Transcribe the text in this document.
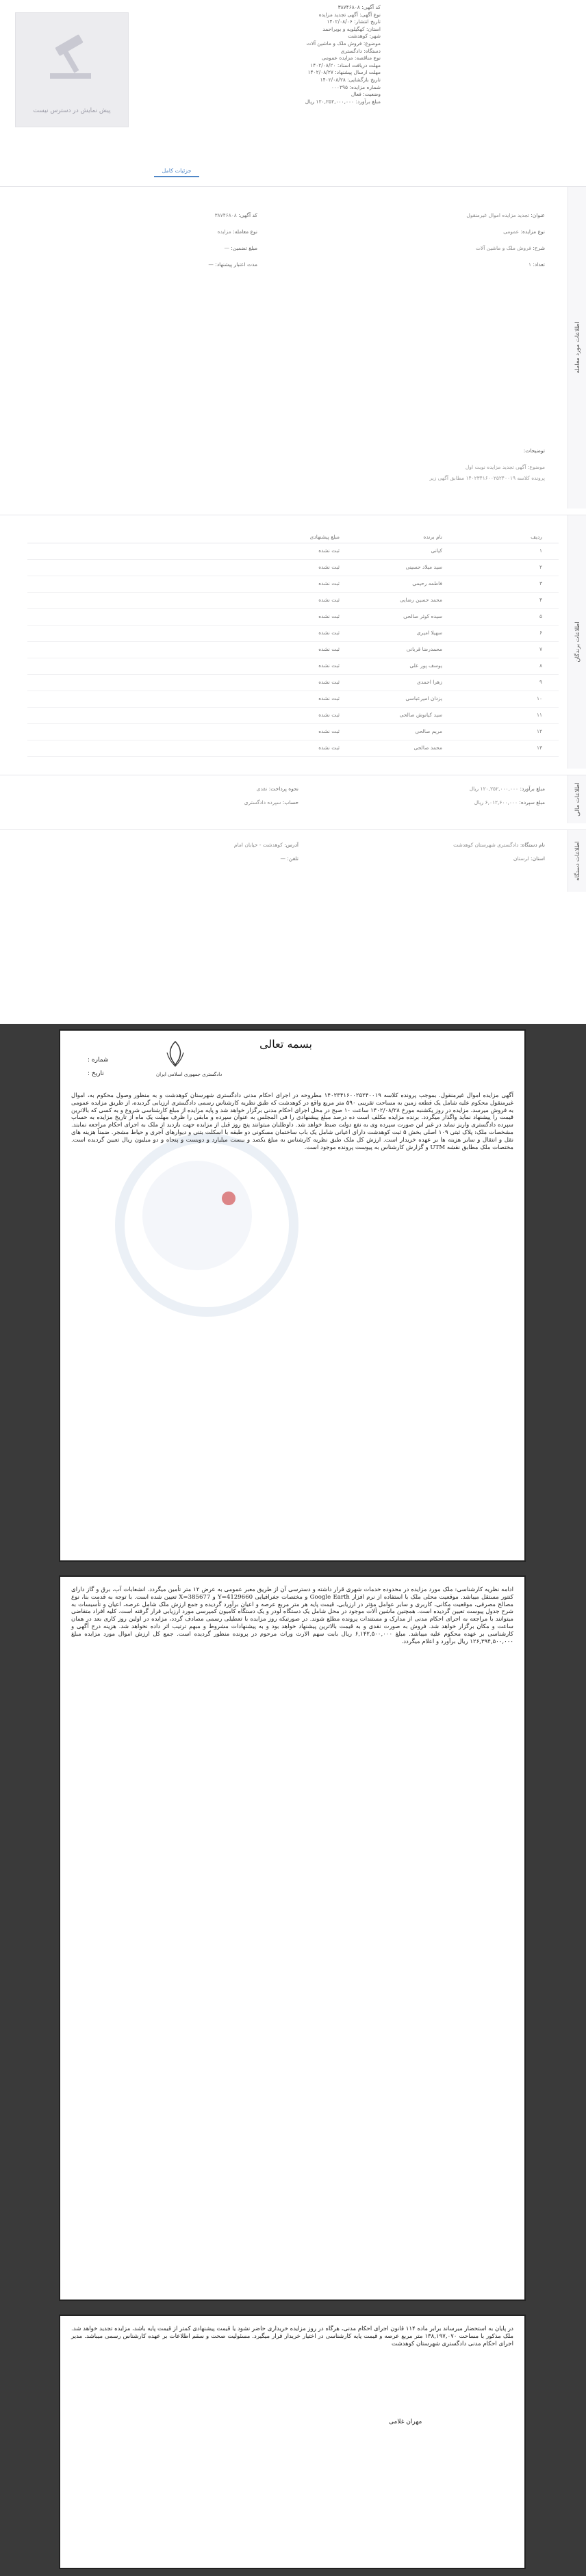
پیش نمایش در دسترس نیست
کد آگهی: ۳۸۷۴۶۸۰۸
نوع آگهی: آگهی تجدید مزایده
تاریخ انتشار: ۱۴۰۲/۰۸/۰۶
استان: کهگیلویه و بویراحمد
شهر: کوهدشت
موضوع: فروش ملک و ماشین آلات
دستگاه: دادگستری
نوع مناقصه: مزایده عمومی
مهلت دریافت اسناد: ۱۴۰۲/۰۸/۲۰
مهلت ارسال پیشنهاد: ۱۴۰۲/۰۸/۲۷
تاریخ بازگشایی: ۱۴۰۲/۰۸/۲۸
شماره مزایده: ۰۰۰۲۹۵
وضعیت: فعال
مبلغ برآورد: ۱۲۰,۲۵۲,۰۰۰,۰۰۰ ریال
جزئیات کامل
اطلاعات مورد معامله
عنوان: تجدید مزایده اموال غیرمنقول
نوع مزایده: عمومی
شرح: فروش ملک و ماشین آلات
تعداد: ۱
کد آگهی: ۳۸۷۴۶۸۰۸
نوع معامله: مزایده
مبلغ تضمین: —
مدت اعتبار پیشنهاد: —
توضیحات:
موضوع: آگهی تجدید مزایده نوبت اول
پرونده کلاسه ۱۴۰۲۳۴۱۶۰۰۲۵۲۴۰۰۱۹ مطابق آگهی زیر
اطلاعات برندگان
ردیف
نام برنده
مبلغ پیشنهادی
۱
کیانی
ثبت نشده
۲
سید میلاد حسینی
ثبت نشده
۳
فاطمه رحیمی
ثبت نشده
۴
محمد حسین رضایی
ثبت نشده
۵
سیده کوثر صالحی
ثبت نشده
۶
سهیلا امیری
ثبت نشده
۷
محمدرضا قربانی
ثبت نشده
۸
یوسف پور علی
ثبت نشده
۹
زهرا احمدی
ثبت نشده
۱۰
یزدان امیرعباسی
ثبت نشده
۱۱
سید کیانوش صالحی
ثبت نشده
۱۲
مریم صالحی
ثبت نشده
۱۳
محمد صالحی
ثبت نشده
اطلاعات مالی
مبلغ برآورد: ۱۲۰,۲۵۲,۰۰۰,۰۰۰ ریال
مبلغ سپرده: ۶,۰۱۲,۶۰۰,۰۰۰ ریال
نحوه پرداخت: نقدی
حساب: سپرده دادگستری
اطلاعات دستگاه
نام دستگاه: دادگستری شهرستان کوهدشت
استان: لرستان
آدرس: کوهدشت - خیابان امام
تلفن: —
بسمه تعالی
شماره :
تاریخ :	دادگستری جمهوری اسلامی ایران
آگهی مزایده اموال غیرمنقول. بموجب پرونده کلاسه ۱۴۰۲۳۴۱۶۰۰۲۵۲۴۰۰۱۹ مطروحه در اجرای احکام مدنی دادگستری شهرستان کوهدشت و به منظور وصول محکوم به، اموال غیرمنقول محکوم علیه شامل یک قطعه زمین به مساحت تقریبی ۵۹۰ متر مربع واقع در کوهدشت که طبق نظریه کارشناس رسمی دادگستری ارزیابی گردیده، از طریق مزایده عمومی به فروش میرسد. مزایده در روز یکشنبه مورخ ۱۴۰۲/۰۸/۲۸ ساعت ۱۰ صبح در محل اجرای احکام مدنی برگزار خواهد شد و پایه مزایده از مبلغ کارشناسی شروع و به کسی که بالاترین قیمت را پیشنهاد نماید واگذار میگردد. برنده مزایده مکلف است ده درصد مبلغ پیشنهادی را فی المجلس به عنوان سپرده و مابقی را ظرف مهلت یک ماه از تاریخ مزایده به حساب سپرده دادگستری واریز نماید در غیر این صورت سپرده وی به نفع دولت ضبط خواهد شد. داوطلبان میتوانند پنج روز قبل از مزایده جهت بازدید از ملک به اجرای احکام مراجعه نمایند. مشخصات ملک: پلاک ثبتی ۱۰۹ اصلی بخش ۵ ثبت کوهدشت دارای اعیانی شامل یک باب ساختمان مسکونی دو طبقه با اسکلت بتنی و دیوارهای آجری و حیاط مشجر. ضمناً هزینه های نقل و انتقال و سایر هزینه ها بر عهده خریدار است. ارزش کل ملک طبق نظریه کارشناس به مبلغ یکصد و بیست میلیارد و دویست و پنجاه و دو میلیون ریال تعیین گردیده است. مختصات ملک مطابق نقشه UTM و گزارش کارشناس به پیوست پرونده موجود است.
ادامه نظریه کارشناسی: ملک مورد مزایده در محدوده خدمات شهری قرار داشته و دسترسی آن از طریق معبر عمومی به عرض ۱۲ متر تأمین میگردد. انشعابات آب، برق و گاز دارای کنتور مستقل میباشد. موقعیت محلی ملک با استفاده از نرم افزار Google Earth و مختصات جغرافیایی Y=4129660 و X=385677 تعیین شده است. با توجه به قدمت بنا، نوع مصالح مصرفی، موقعیت مکانی، کاربری و سایر عوامل مؤثر در ارزیابی، قیمت پایه هر متر مربع عرصه و اعیان برآورد گردیده و جمع ارزش ملک شامل عرصه، اعیان و تأسیسات به شرح جدول پیوست تعیین گردیده است. همچنین ماشین آلات موجود در محل شامل یک دستگاه لودر و یک دستگاه کامیون کمپرسی مورد ارزیابی قرار گرفته است. کلیه افراد متقاضی میتوانند با مراجعه به اجرای احکام مدنی از مدارک و مستندات پرونده مطلع شوند. در صورتیکه روز مزایده با تعطیلی رسمی مصادف گردد، مزایده در اولین روز کاری بعد در همان ساعت و مکان برگزار خواهد شد. فروش به صورت نقدی و به قیمت بالاترین پیشنهاد خواهد بود و به پیشنهادات مشروط و مبهم ترتیب اثر داده نخواهد شد. هزینه درج آگهی و کارشناسی بر عهده محکوم علیه میباشد. مبلغ ۶,۱۴۲,۵۰۰,۰۰۰ ریال بابت سهم الارث وراث مرحوم در پرونده منظور گردیده است. جمع کل ارزش اموال مورد مزایده مبلغ ۱۲۶,۳۹۴,۵۰۰,۰۰۰ ریال برآورد و اعلام میگردد.
در پایان به استحضار میرساند برابر ماده ۱۱۴ قانون اجرای احکام مدنی، هرگاه در روز مزایده خریداری حاضر نشود یا قیمت پیشنهادی کمتر از قیمت پایه باشد، مزایده تجدید خواهد شد. ملک مذکور با مساحت ۱۳۸,۱۹۷,۰۷۰ متر مربع عرصه و قیمت پایه کارشناسی در اختیار خریدار قرار میگیرد. مسئولیت صحت و سقم اطلاعات بر عهده کارشناس رسمی میباشد. مدیر اجرای احکام مدنی دادگستری شهرستان کوهدشت
مهران غلامی
